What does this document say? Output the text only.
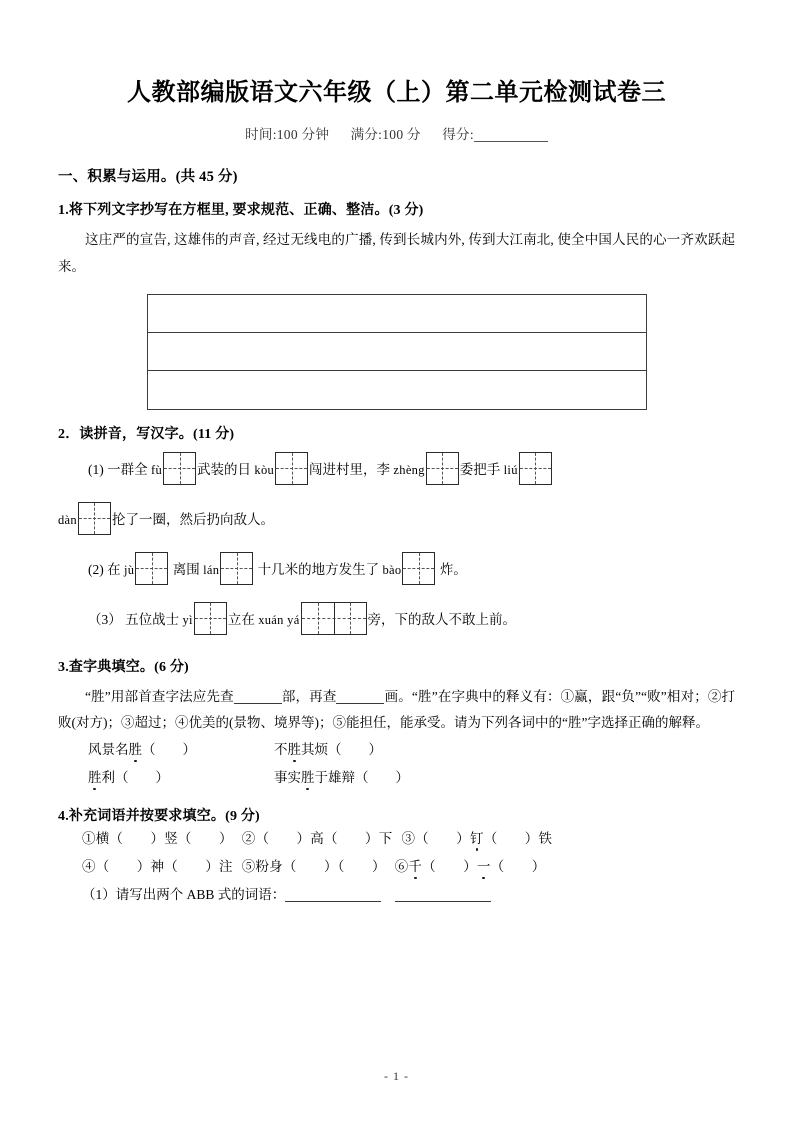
人教部编版语文六年级（上）第二单元检测试卷三
时间:100 分钟 满分:100 分 得分:
一、积累与运用。(共 45 分)
1.将下列文字抄写在方框里, 要求规范、正确、整洁。(3 分)
这庄严的宣告, 这雄伟的声音, 经过无线电的广播, 传到长城内外, 传到大江南北, 使全中国人民的心一齐欢跃起来。
2．读拼音，写汉字。(11 分)
(1) 一群全 fù	武装的日 kòu	闯进村里，李 zhèng	委把手 liú
dàn	抡了一圈，然后扔向敌人。
(2) 在 jù	离围 lán	十几米的地方发生了 bào	炸。
（3） 五位战士 yì	立在 xuán yá	旁，下的敌人不敢上前。
3.查字典填空。(6 分)
“胜”用部首查字法应先查	部，再查	画。“胜”在字典中的释义有：①赢，跟“负”“败”相对；②打败(对方)；③超过；④优美的(景物、境界等)；⑤能担任，能承受。请为下列各词中的“胜”字选择正确的解释。
风景名胜（　　）	不胜其烦（　　）
胜利（　　）	事实胜于雄辩（　　）
4.补充词语并按要求填空。(9 分)
①横（　　）竖（　　） ②（　　）高（　　）下 ③（　　）钉（　　）铁
④（　　）神（　　）注 ⑤粉身（　　）（　　） ⑥千（　　）一（　　）
（1）请写出两个 ABB 式的词语：
- 1 -
